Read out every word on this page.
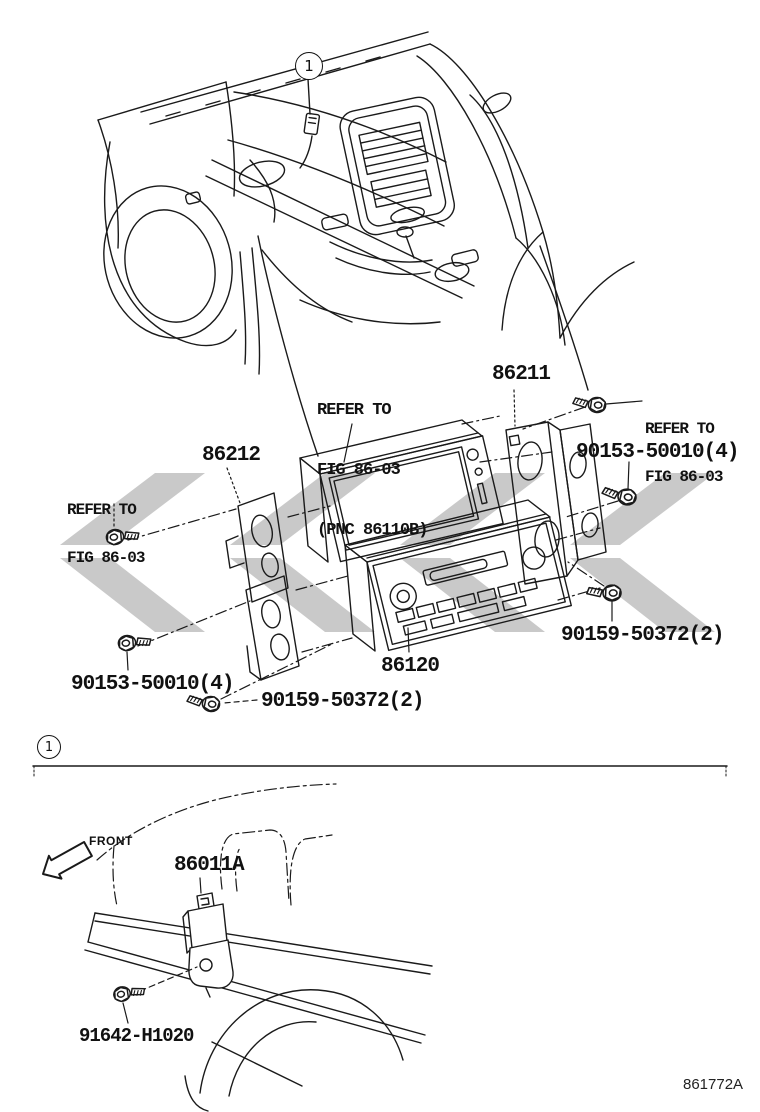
1
1

REFER TO

FIG 86-03

(PNC 86110B)

86211

REFER TO

FIG 86-03

90153-50010(4)
86212

REFER TO

FIG 86-03

90153-50010(4)
90159-50372(2)
86120
90159-50372(2)
FRONT
86011A
91642-H1020
861772A
